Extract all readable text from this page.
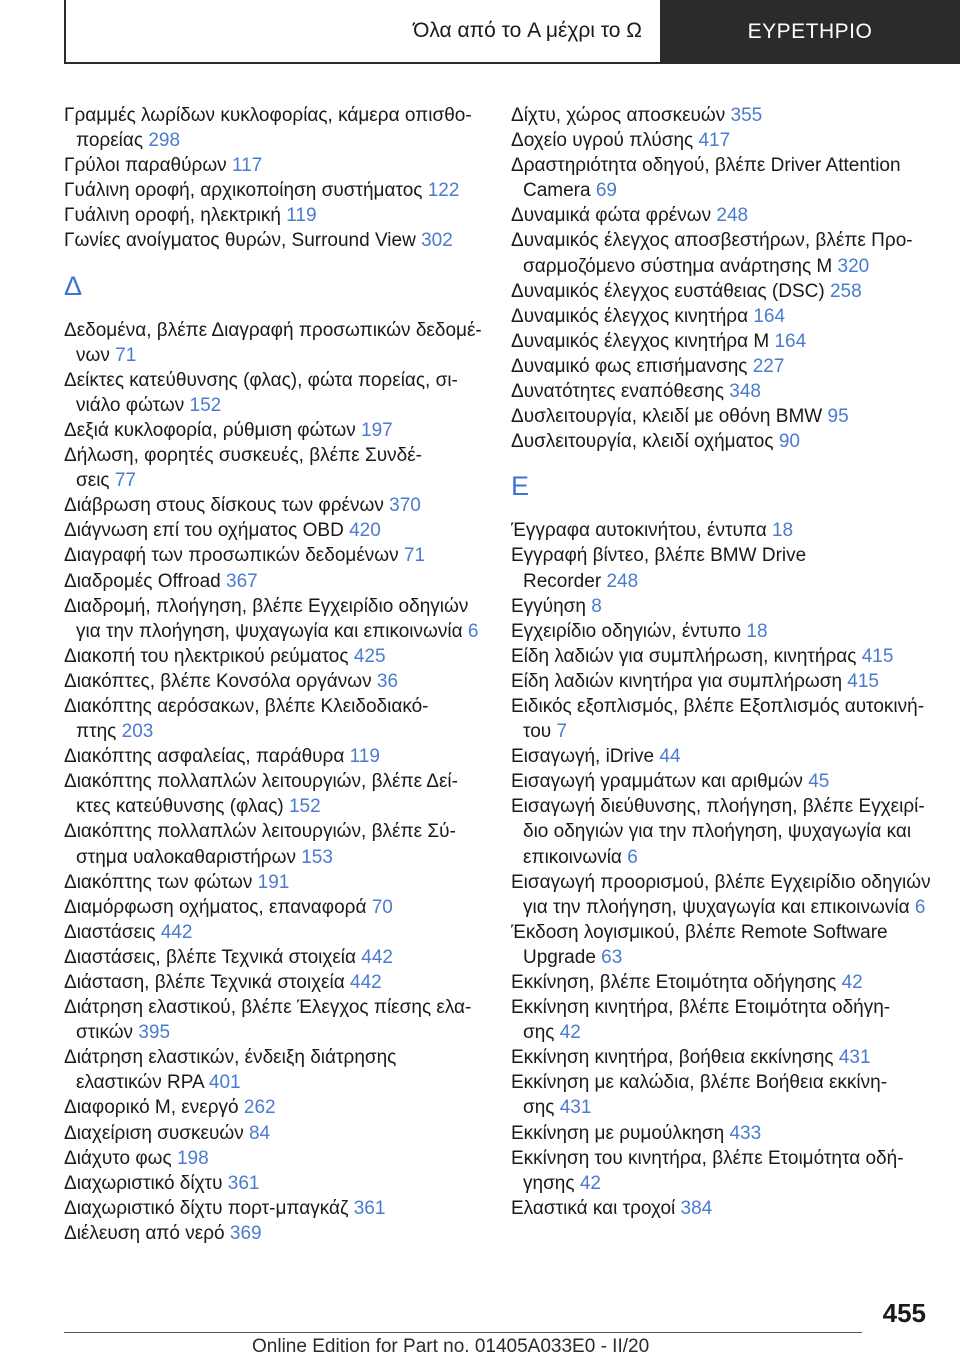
Όλα από το A μέχρι το Ω	ΕΥΡΕΤΗΡΙΟ
Γραμμές λωρίδων κυκλοφορίας, κάμερα οπισθο-
πορείας 298
Γρύλοι παραθύρων 117
Γυάλινη οροφή, αρχικοποίηση συστήματος 122
Γυάλινη οροφή, ηλεκτρική 119
Γωνίες ανοίγματος θυρών, Surround View 302
Δ
Δεδομένα, βλέπε Διαγραφή προσωπικών δεδομέ-
νων 71
Δείκτες κατεύθυνσης (φλας), φώτα πορείας, σι-
νιάλο φώτων 152
Δεξιά κυκλοφορία, ρύθμιση φώτων 197
Δήλωση, φορητές συσκευές, βλέπε Συνδέ-
σεις 77
Διάβρωση στους δίσκους των φρένων 370
Διάγνωση επί του οχήματος OBD 420
Διαγραφή των προσωπικών δεδομένων 71
Διαδρομές Offroad 367
Διαδρομή, πλοήγηση, βλέπε Εγχειρίδιο οδηγιών
για την πλοήγηση, ψυχαγωγία και επικοινωνία 6
Διακοπή του ηλεκτρικού ρεύματος 425
Διακόπτες, βλέπε Κονσόλα οργάνων 36
Διακόπτης αερόσακων, βλέπε Κλειδοδιακό-
πτης 203
Διακόπτης ασφαλείας, παράθυρα 119
Διακόπτης πολλαπλών λειτουργιών, βλέπε Δεί-
κτες κατεύθυνσης (φλας) 152
Διακόπτης πολλαπλών λειτουργιών, βλέπε Σύ-
στημα υαλοκαθαριστήρων 153
Διακόπτης των φώτων 191
Διαμόρφωση οχήματος, επαναφορά 70
Διαστάσεις 442
Διαστάσεις, βλέπε Τεχνικά στοιχεία 442
Διάσταση, βλέπε Τεχνικά στοιχεία 442
Διάτρηση ελαστικού, βλέπε Έλεγχος πίεσης ελα-
στικών 395
Διάτρηση ελαστικών, ένδειξη διάτρησης
ελαστικών RPA 401
Διαφορικό M, ενεργό 262
Διαχείριση συσκευών 84
Διάχυτο φως 198
Διαχωριστικό δίχτυ 361
Διαχωριστικό δίχτυ πορτ-μπαγκάζ 361
Διέλευση από νερό 369
Δίχτυ, χώρος αποσκευών 355
Δοχείο υγρού πλύσης 417
Δραστηριότητα οδηγού, βλέπε Driver Attention
Camera 69
Δυναμικά φώτα φρένων 248
Δυναμικός έλεγχος αποσβεστήρων, βλέπε Προ-
σαρμοζόμενο σύστημα ανάρτησης M 320
Δυναμικός έλεγχος ευστάθειας (DSC) 258
Δυναμικός έλεγχος κινητήρα 164
Δυναμικός έλεγχος κινητήρα M 164
Δυναμικό φως επισήμανσης 227
Δυνατότητες εναπόθεσης 348
Δυσλειτουργία, κλειδί με οθόνη BMW 95
Δυσλειτουργία, κλειδί οχήματος 90
Ε
Έγγραφα αυτοκινήτου, έντυπα 18
Εγγραφή βίντεο, βλέπε BMW Drive
Recorder 248
Εγγύηση 8
Εγχειρίδιο οδηγιών, έντυπο 18
Είδη λαδιών για συμπλήρωση, κινητήρας 415
Είδη λαδιών κινητήρα για συμπλήρωση 415
Ειδικός εξοπλισμός, βλέπε Εξοπλισμός αυτοκινή-
του 7
Εισαγωγή, iDrive 44
Εισαγωγή γραμμάτων και αριθμών 45
Εισαγωγή διεύθυνσης, πλοήγηση, βλέπε Εγχειρί-
διο οδηγιών για την πλοήγηση, ψυχαγωγία και
επικοινωνία 6
Εισαγωγή προορισμού, βλέπε Εγχειρίδιο οδηγιών
για την πλοήγηση, ψυχαγωγία και επικοινωνία 6
Έκδοση λογισμικού, βλέπε Remote Software
Upgrade 63
Εκκίνηση, βλέπε Ετοιμότητα οδήγησης 42
Εκκίνηση κινητήρα, βλέπε Ετοιμότητα οδήγη-
σης 42
Εκκίνηση κινητήρα, βοήθεια εκκίνησης 431
Εκκίνηση με καλώδια, βλέπε Βοήθεια εκκίνη-
σης 431
Εκκίνηση με ρυμούλκηση 433
Εκκίνηση του κινητήρα, βλέπε Ετοιμότητα οδή-
γησης 42
Ελαστικά και τροχοί 384
455
Online Edition for Part no. 01405A033E0 - II/20
